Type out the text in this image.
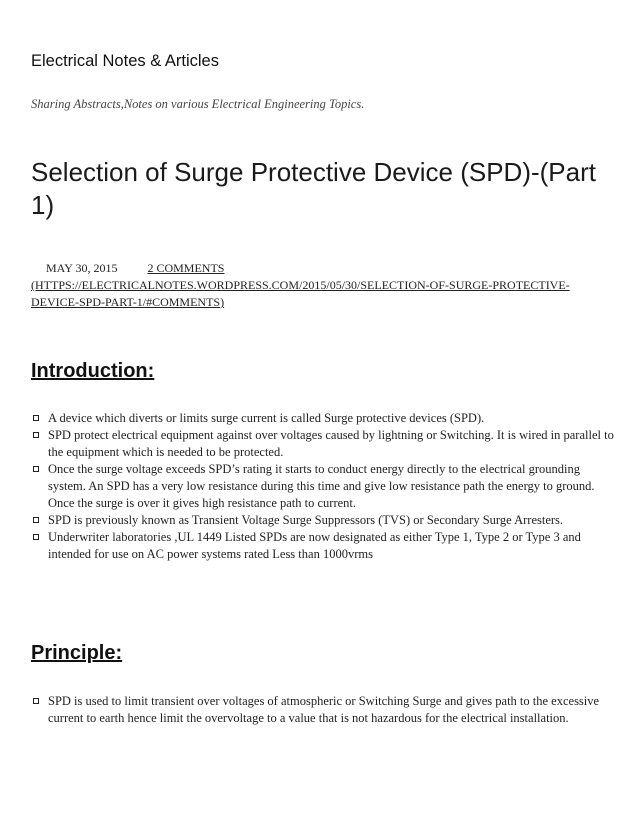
Electrical Notes & Articles

Sharing Abstracts,Notes on various Electrical Engineering Topics.

Selection of Surge Protective Device (SPD)-(Part 1)
MAY 30, 2015	2 COMMENTS
(HTTPS://ELECTRICALNOTES.WORDPRESS.COM/2015/05/30/SELECTION-OF-SURGE-PROTECTIVE-DEVICE-SPD-PART-1/#COMMENTS)
Introduction:
A device which diverts or limits surge current is called Surge protective devices (SPD).
SPD protect electrical equipment against over voltages caused by lightning or Switching. It is wired in parallel to the equipment which is needed to be protected.
Once the surge voltage exceeds SPD’s rating it starts to conduct energy directly to the electrical grounding system. An SPD has a very low resistance during this time and give low resistance path the energy to ground. Once the surge is over it gives high resistance path to current.
SPD is previously known as Transient Voltage Surge Suppressors (TVS) or Secondary Surge Arresters.
Underwriter laboratories ,UL 1449 Listed SPDs are now designated as either Type 1, Type 2 or Type 3 and intended for use on AC power systems rated Less than 1000vrms
Principle:
SPD is used to limit transient over voltages of atmospheric or Switching Surge and gives path to the excessive current to earth hence limit the overvoltage to a value that is not hazardous for the electrical installation.
